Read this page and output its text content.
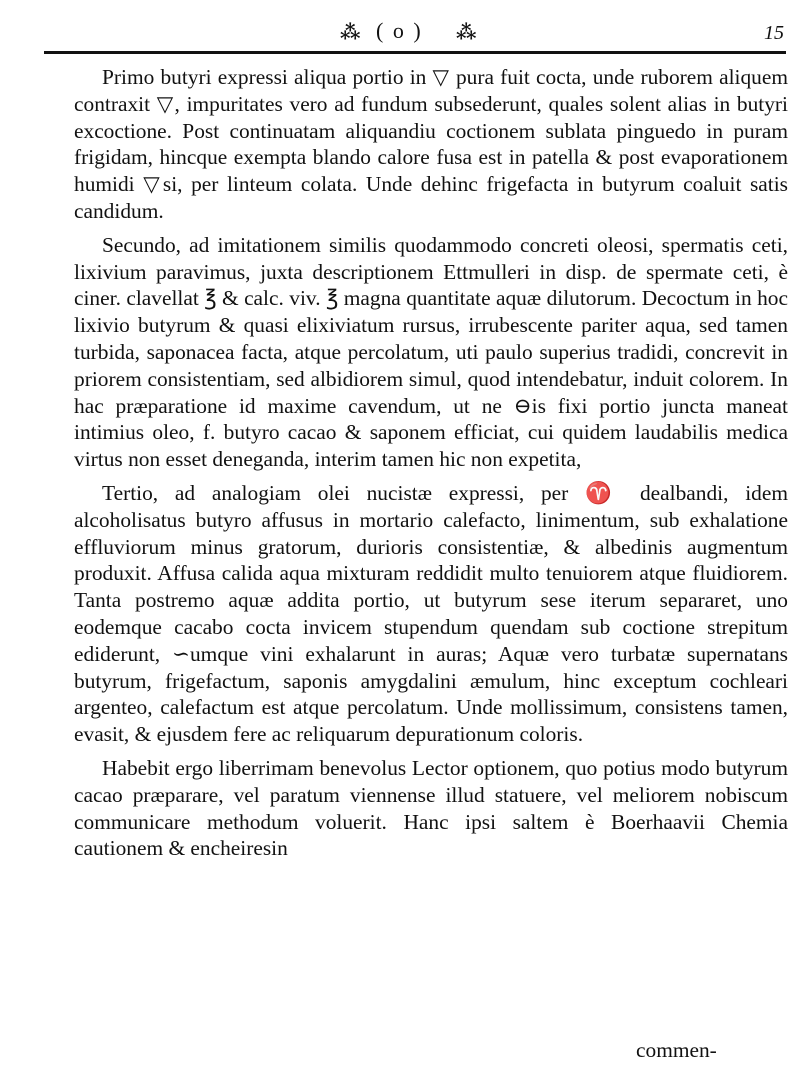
⁂ ( o ) ⁂	15

Primo butyri expressi aliqua portio in ▽ pura fuit cocta, unde ruborem aliquem contraxit ▽, impuritates vero ad fundum subsederunt, quales solent alias in butyri excoctione. Post continuatam aliquandiu coctionem sublata pinguedo in puram frigidam, hincque exempta blando calore fusa est in patella & post evaporationem humidi ▽si, per linteum colata. Unde dehinc frigefacta in butyrum coaluit satis candidum.

Secundo, ad imitationem similis quodammodo concreti oleosi, spermatis ceti, lixivium paravimus, juxta descriptionem Ettmulleri in disp. de spermate ceti, è ciner. clavellat ℥ & calc. viv. ℥ magna quantitate aquæ dilutorum. Decoctum in hoc lixivio butyrum & quasi elixiviatum rursus, irrubescente pariter aqua, sed tamen turbida, saponacea facta, atque percolatum, uti paulo superius tradidi, concrevit in priorem consistentiam, sed albidiorem simul, quod intendebatur, induit colorem. In hac præparatione id maxime cavendum, ut ne ⊖is fixi portio juncta maneat intimius oleo, f. butyro cacao & saponem efficiat, cui quidem laudabilis medica virtus non esset deneganda, interim tamen hic non expetita,

Tertio, ad analogiam olei nucistæ expressi, per ♈ dealbandi, idem alcoholisatus butyro affusus in mortario calefacto, linimentum, sub exhalatione effluviorum minus gratorum, durioris consistentiæ, & albedinis augmentum produxit. Affusa calida aqua mixturam reddidit multo tenuiorem atque fluidiorem. Tanta postremo aquæ addita portio, ut butyrum sese iterum separaret, uno eodemque cacabo cocta invicem stupendum quendam sub coctione strepitum ediderunt, ∽umque vini exhalarunt in auras; Aquæ vero turbatæ supernatans butyrum, frigefactum, saponis amygdalini æmulum, hinc exceptum cochleari argenteo, calefactum est atque percolatum. Unde mollissimum, consistens tamen, evasit, & ejusdem fere ac reliquarum depurationum coloris.

Habebit ergo liberrimam benevolus Lector optionem, quo potius modo butyrum cacao præparare, vel paratum viennense illud statuere, vel meliorem nobiscum communicare methodum voluerit. Hanc ipsi saltem è Boerhaavii Chemia cautionem & encheiresin

commen-
